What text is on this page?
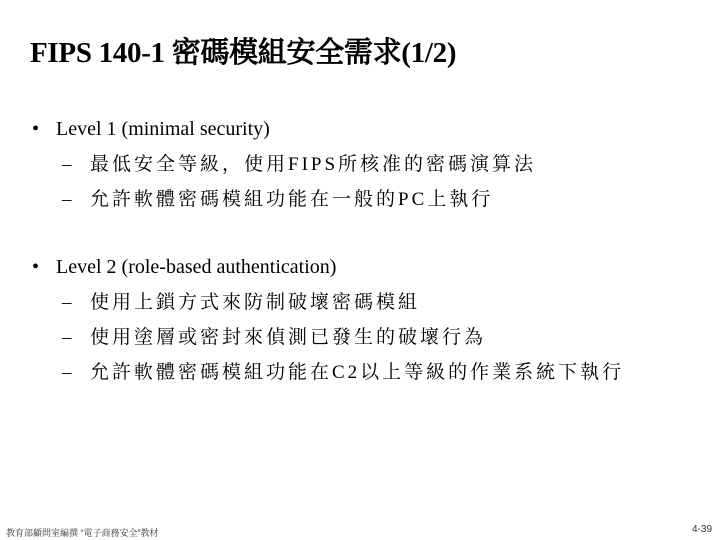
FIPS 140-1 密碼模組安全需求(1/2)
• Level 1 (minimal security)
– 最低安全等級，使用FIPS所核准的密碼演算法
– 允許軟體密碼模組功能在一般的PC上執行
• Level 2 (role-based authentication)
– 使用上鎖方式來防制破壞密碼模組
– 使用塗層或密封來偵測已發生的破壞行為
– 允許軟體密碼模組功能在C2以上等級的作業系統下執行
教育部顧問室編撰 “電子商務安全”教材	4-39
